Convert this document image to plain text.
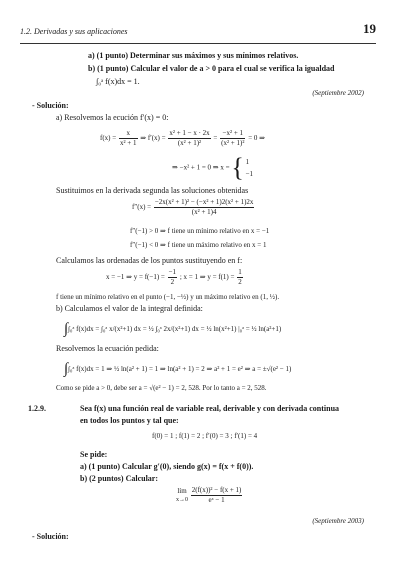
1.2. Derivadas y sus aplicaciones	19
a) (1 punto) Determinar sus máximos y sus mínimos relativos.
b) (1 punto) Calcular el valor de a > 0 para el cual se verifica la igualdad
∫₀ᵃ f(x)dx = 1.
(Septiembre 2002)
- Solución:
a) Resolvemos la ecución f′(x) = 0:
$f(x) = \frac{x}{\text{x² + 1}}$ ⇒ $f'(x) = \frac{\text{x² + 1 − x · 2x}}{\text{(x² + 1)²}} = \frac{\text{−x² + 1}}{\text{(x² + 1)²}} = 0$ ⇒
⇒ −x² + 1 = 0 ⇒ x = { 1
−1
Sustituimos en la derivada segunda las soluciones obtenidas
$f''(x) = \frac{\text{−2x(x² + 1)² − (−x² + 1)2(x² + 1)2x}}{\text{(x² + 1)4}}$
f″(−1) > 0 ⇒ f tiene un mínimo relativo en x = −1
f″(−1) < 0 ⇒ f tiene un máximo relativo en x = 1
Calculamos las ordenadas de los puntos sustituyendo en f:
x = −1 ⇒ $y = f(-1) = \frac{-1}{2}$ ; x = 1 ⇒ $y = f(1) = \frac{1}{2}$
f tiene un mínimo relativo en el punto (−1, −½) y un máximo relativo en (1, ½).
b) Calculamos el valor de la integral definida:
∫∫₀ᵃ f(x)dx = ∫₀ᵃ x/(x²+1) dx = ½ ∫₀ᵃ 2x/(x²+1) dx = ½ ln(x²+1) |₀ᵃ = ½ ln(a²+1)
Resolvemos la ecuación pedida:
∫∫₀ᵃ f(x)dx = 1 ⇒ ½ ln(a² + 1) = 1 ⇒ ln(a² + 1) = 2 ⇒ a² + 1 = e² ⇒ a = ±√(e² − 1)
Como se pide a > 0, debe ser a = √(e² − 1) = 2, 528. Por lo tanto a = 2, 528.
1.2.9.	Sea f(x) una función real de variable real, derivable y con derivada continua
en todos los puntos y tal que:
f(0) = 1 ; f(1) = 2 ; f′(0) = 3 ; f′(1) = 4
Se pide:
a) (1 punto) Calcular g′(0), siendo g(x) = f(x + f(0)).
b) (2 puntos) Calcular:
lím
x→0
$\frac{\text{2(f(x))² − f(x + 1)}}{\text{eˣ − 1}}$
(Septiembre 2003)
- Solución:
